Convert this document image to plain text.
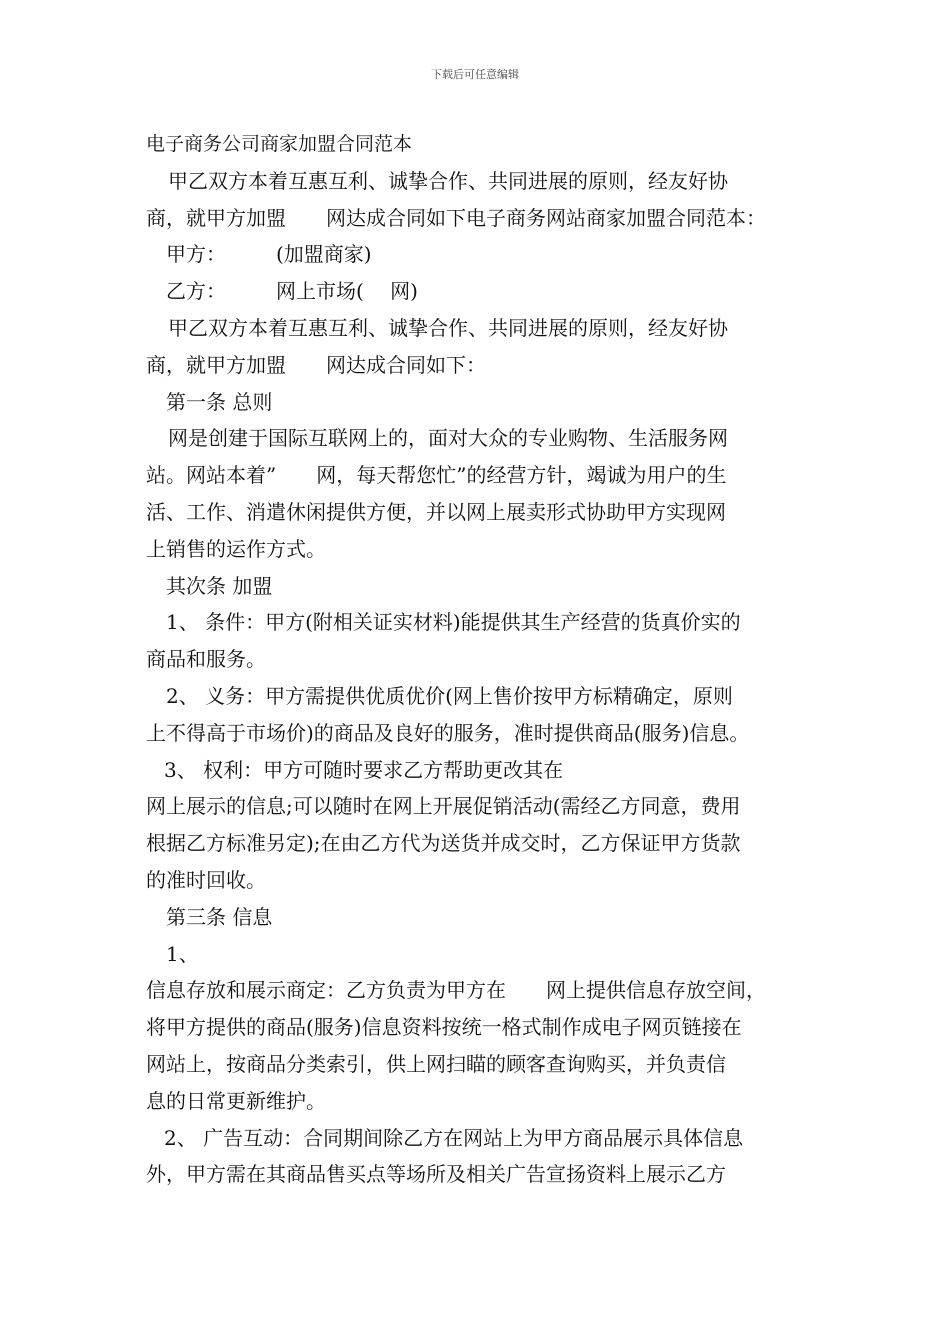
下载后可任意编辑
电子商务公司商家加盟合同范本
甲乙双方本着互惠互利、诚挚合作、共同进展的原则，经友好协
商，就甲方加盟　　网达成合同如下电子商务网站商家加盟合同范本：
甲方：　　　(加盟商家)
乙方：　　　网上市场(　 网)
甲乙双方本着互惠互利、诚挚合作、共同进展的原则，经友好协
商，就甲方加盟　　网达成合同如下：
第一条 总则
网是创建于国际互联网上的，面对大众的专业购物、生活服务网
站。网站本着”　　网，每天帮您忙”的经营方针，竭诚为用户的生
活、工作、消遣休闲提供方便，并以网上展卖形式协助甲方实现网
上销售的运作方式。
其次条 加盟
1、 条件：甲方(附相关证实材料)能提供其生产经营的货真价实的
商品和服务。
2、 义务：甲方需提供优质优价(网上售价按甲方标精确定，原则
上不得高于市场价)的商品及良好的服务，准时提供商品(服务)信息。
3、 权利：甲方可随时要求乙方帮助更改其在
网上展示的信息;可以随时在网上开展促销活动(需经乙方同意，费用
根据乙方标准另定);在由乙方代为送货并成交时，乙方保证甲方货款
的准时回收。
第三条 信息
1、
信息存放和展示商定：乙方负责为甲方在　　网上提供信息存放空间，
将甲方提供的商品(服务)信息资料按统一格式制作成电子网页链接在
网站上，按商品分类索引，供上网扫瞄的顾客查询购买，并负责信
息的日常更新维护。
2、 广告互动：合同期间除乙方在网站上为甲方商品展示具体信息
外，甲方需在其商品售买点等场所及相关广告宣扬资料上展示乙方
